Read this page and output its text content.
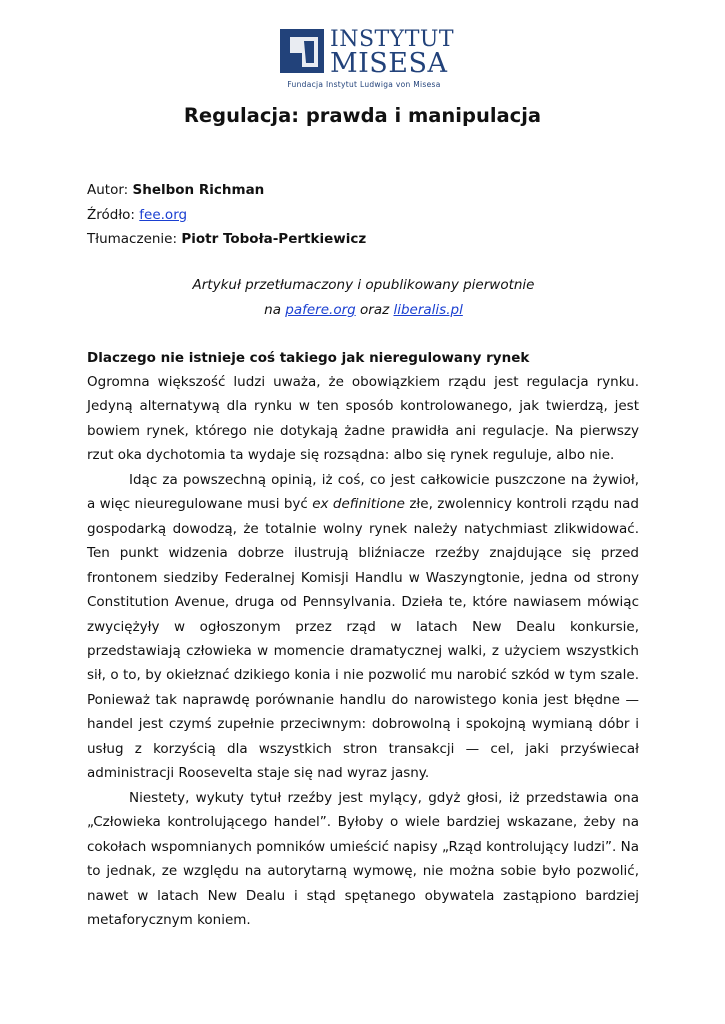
INSTYTUT
MISESA
Fundacja Instytut Ludwiga von Misesa
Regulacja: prawda i manipulacja
Autor: Shelbon Richman
Źródło: fee.org
Tłumaczenie: Piotr Toboła-Pertkiewicz
Artykuł przetłumaczony i opublikowany pierwotnie
na pafere.org oraz liberalis.pl
Dlaczego nie istnieje coś takiego jak nieregulowany rynek

Ogromna większość ludzi uważa, że obowiązkiem rządu jest regulacja rynku. Jedyną alternatywą dla rynku w ten sposób kontrolowanego, jak twierdzą, jest bowiem rynek, którego nie dotykają żadne prawidła ani regulacje. Na pierwszy rzut oka dychotomia ta wydaje się rozsądna: albo się rynek reguluje, albo nie.

Idąc za powszechną opinią, iż coś, co jest całkowicie puszczone na żywioł, a więc nieuregulowane musi być ex definitione złe, zwolennicy kontroli rządu nad gospodarką dowodzą, że totalnie wolny rynek należy natychmiast zlikwidować. Ten punkt widzenia dobrze ilustrują bliźniacze rzeźby znajdujące się przed frontonem siedziby Federalnej Komisji Handlu w Waszyngtonie, jedna od strony Constitution Avenue, druga od Pennsylvania. Dzieła te, które nawiasem mówiąc zwyciężyły w ogłoszonym przez rząd w latach New Dealu konkursie, przedstawiają człowieka w momencie dramatycznej walki, z użyciem wszystkich sił, o to, by okiełznać dzikiego konia i nie pozwolić mu narobić szkód w tym szale. Ponieważ tak naprawdę porównanie handlu do narowistego konia jest błędne — handel jest czymś zupełnie przeciwnym: dobrowolną i spokojną wymianą dóbr i usług z korzyścią dla wszystkich stron transakcji — cel, jaki przyświecał administracji Roosevelta staje się nad wyraz jasny.

Niestety, wykuty tytuł rzeźby jest mylący, gdyż głosi, iż przedstawia ona „Człowieka kontrolującego handel”. Byłoby o wiele bardziej wskazane, żeby na cokołach wspomnianych pomników umieścić napisy „Rząd kontrolujący ludzi”. Na to jednak, ze względu na autorytarną wymowę, nie można sobie było pozwolić, nawet w latach New Dealu i stąd spętanego obywatela zastąpiono bardziej metaforycznym koniem.
